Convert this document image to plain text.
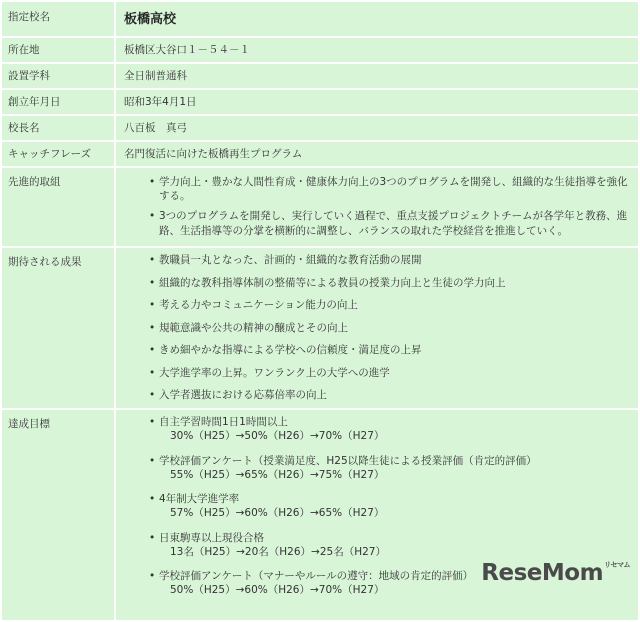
指定校名	板橋高校
所在地	板橋区大谷口１－５４－１
設置学科	全日制普通科
創立年月日	昭和3年4月1日
校長名	八百板　真弓
キャッチフレーズ	名門復活に向けた板橋再生プログラム
先進的取組	• 学力向上・豊かな人間性育成・健康体力向上の3つのプログラムを開発し、組織的な生徒指導を強化する。
• 3つのプログラムを開発し、実行していく過程で、重点支援プロジェクトチームが各学年と教務、進路、生活指導等の分掌を横断的に調整し、バランスの取れた学校経営を推進していく。
期待される成果	• 教職員一丸となった、計画的・組織的な教育活動の展開
• 組織的な教科指導体制の整備等による教員の授業力向上と生徒の学力向上
• 考える力やコミュニケーション能力の向上
• 規範意識や公共の精神の醸成とその向上
• きめ細やかな指導による学校への信頼度・満足度の上昇
• 大学進学率の上昇。ワンランク上の大学への進学
• 入学者選抜における応募倍率の向上
達成目標	• 自主学習時間1日1時間以上
30%（H25）→50%（H26）→70%（H27）
• 学校評価アンケート（授業満足度、H25以降生徒による授業評価（肯定的評価）
55%（H25）→65%（H26）→75%（H27）
• 4年制大学進学率
57%（H25）→60%（H26）→65%（H27）
• 日東駒専以上現役合格
13名（H25）→20名（H26）→25名（H27）
• 学校評価アンケート（マナーやルールの遵守：地域の肯定的評価）
50%（H25）→60%（H26）→70%（H27）
ReseMom$^{リセマム}$
